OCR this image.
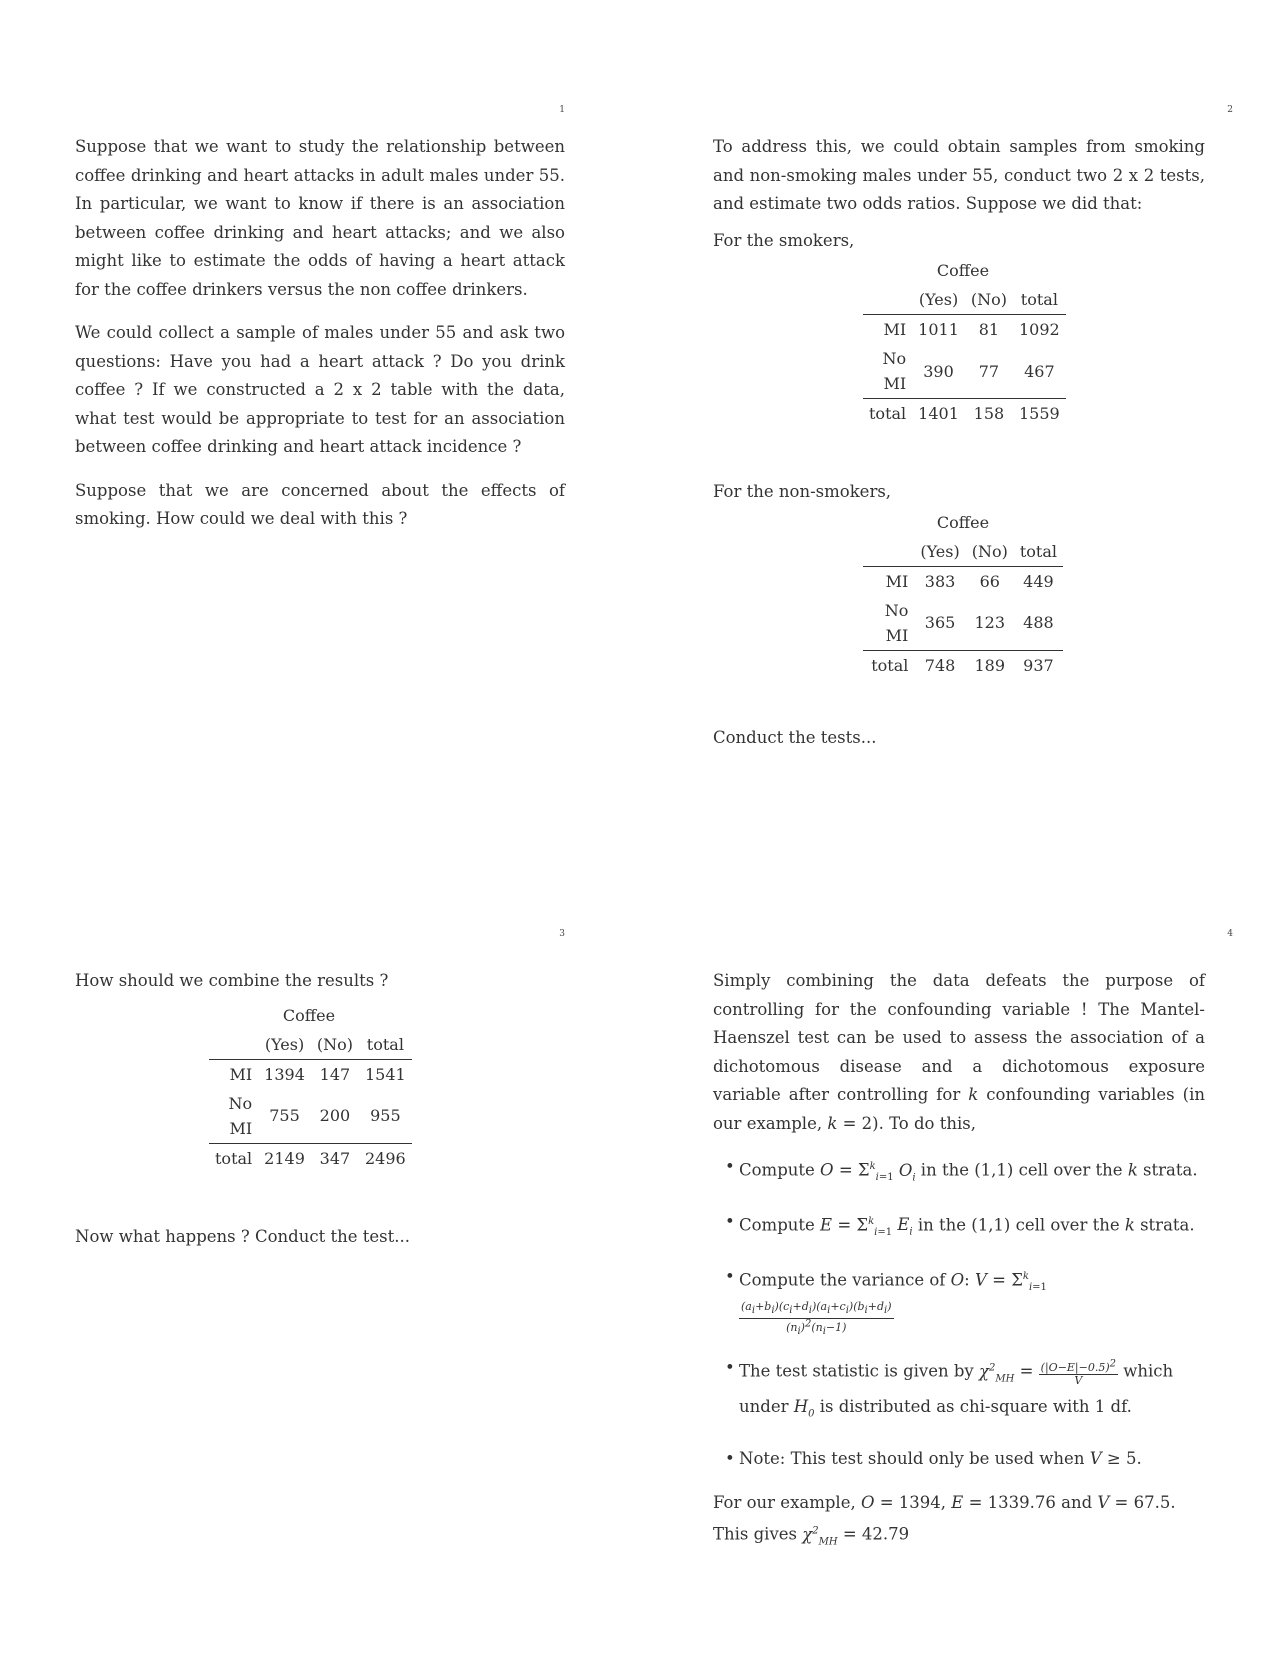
1

Suppose that we want to study the relationship between coffee drinking and heart attacks in adult males under 55. In particular, we want to know if there is an association between coffee drinking and heart attacks; and we also might like to estimate the odds of having a heart attack for the coffee drinkers versus the non coffee drinkers.

We could collect a sample of males under 55 and ask two questions: Have you had a heart attack ? Do you drink coffee ? If we constructed a 2 x 2 table with the data, what test would be appropriate to test for an association between coffee drinking and heart attack incidence ?

Suppose that we are concerned about the effects of smoking. How could we deal with this ?

2

To address this, we could obtain samples from smoking and non-smoking males under 55, conduct two 2 x 2 tests, and estimate two odds ratios. Suppose we did that:

For the smokers,

Coffee
	(Yes)	(No)	total
MI	1011	81	1092
No MI	390	77	467
total	1401	158	1559

For the non-smokers,

Coffee
	(Yes)	(No)	total
MI	383	66	449
No MI	365	123	488
total	748	189	937

Conduct the tests...

3

How should we combine the results ?

Coffee
	(Yes)	(No)	total
MI	1394	147	1541
No MI	755	200	955
total	2149	347	2496

Now what happens ? Conduct the test...

4

Simply combining the data defeats the purpose of controlling for the confounding variable ! The Mantel-Haenszel test can be used to assess the association of a dichotomous disease and a dichotomous exposure variable after controlling for k confounding variables (in our example, k = 2). To do this,

• Compute $O = \Sigma^k_{i=1}$ $O_i$ in the (1,1) cell over the k strata.
• Compute $E = \Sigma^k_{i=1}$ $E_i$ in the (1,1) cell over the k strata.
• Compute the variance of O: $V = \Sigma^k_{i=1}$
$\frac{(a_i+b_i)(c_i+d_i)(a_i+c_i)(b_i+d_i)}{(n_i)^2(n_i-1)}$
• The test statistic is given by $\chi^2_{MH} = \frac{(|O-E|-0.5)^2}{V}$ which under $H_0$ is distributed as chi-square with 1 df.
• Note: This test should only be used when V ≥ 5.

For our example, O = 1394, E = 1339.76 and V = 67.5. This gives $\chi^2_{MH} = 42.79$
